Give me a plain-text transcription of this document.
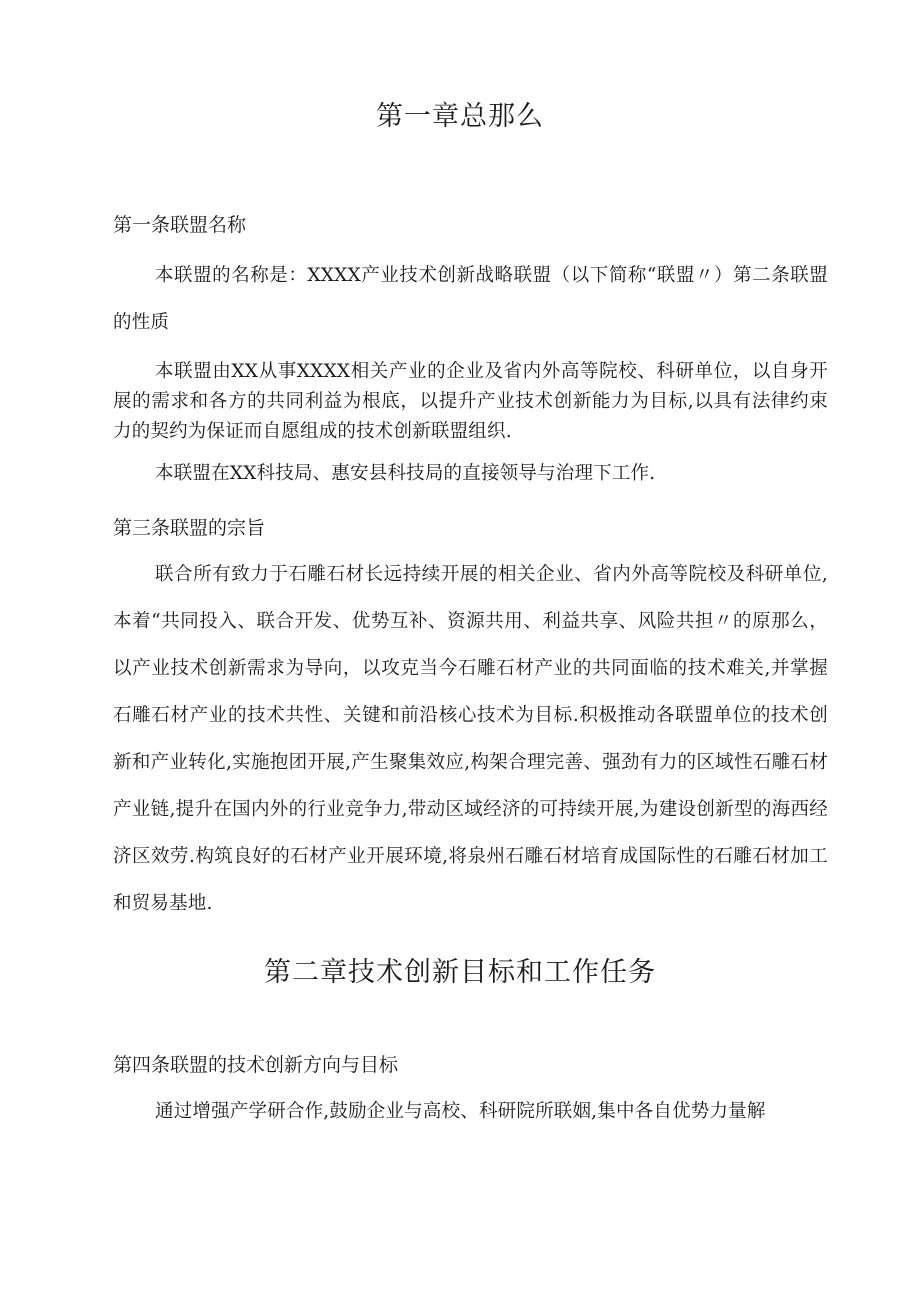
第一章总那么
第一条联盟名称

本联盟的名称是：XXXX产业技术创新战略联盟（以下简称“联盟〃）第二条联盟的性质

本联盟由XX从事XXXX相关产业的企业及省内外高等院校、科研单位，以自身开展的需求和各方的共同利益为根底，以提升产业技术创新能力为目标,以具有法律约束力的契约为保证而自愿组成的技术创新联盟组织.

本联盟在XX科技局、惠安县科技局的直接领导与治理下工作.

第三条联盟的宗旨

联合所有致力于石雕石材长远持续开展的相关企业、省内外高等院校及科研单位,本着“共同投入、联合开发、优势互补、资源共用、利益共享、风险共担〃的原那么，以产业技术创新需求为导向，以攻克当今石雕石材产业的共同面临的技术难关,并掌握石雕石材产业的技术共性、关键和前沿核心技术为目标.积极推动各联盟单位的技术创新和产业转化,实施抱团开展,产生聚集效应,构架合理完善、强劲有力的区域性石雕石材产业链,提升在国内外的行业竞争力,带动区域经济的可持续开展,为建设创新型的海西经济区效劳.构筑良好的石材产业开展环境,将泉州石雕石材培育成国际性的石雕石材加工和贸易基地.

第二章技术创新目标和工作任务
第四条联盟的技术创新方向与目标

通过增强产学研合作,鼓励企业与高校、科研院所联姻,集中各自优势力量解
